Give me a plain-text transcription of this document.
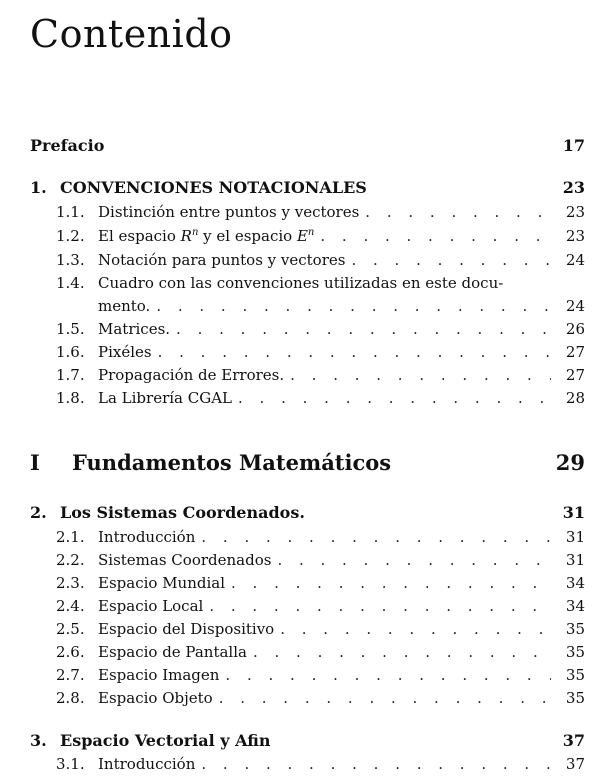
Contenido
Prefacio	17
1. CONVENCIONES NOTACIONALES	23
1.1. Distinción entre puntos y vectores . . .	23
1.2. El espacio $R^n$ y el espacio $E^n$ . . .	23
1.3. Notación para puntos y vectores . . .	24
1.4. Cuadro con las convenciones utilizadas en este docu-
mento. . . .	24
1.5. Matrices. . . .	26
1.6. Pixéles . . .	27
1.7. Propagación de Errores. . . .	27
1.8. La Librería CGAL . . .	28
I	Fundamentos Matemáticos	29
2. Los Sistemas Coordenados.	31
2.1. Introducción . . .	31
2.2. Sistemas Coordenados . . .	31
2.3. Espacio Mundial . . .	34
2.4. Espacio Local . . .	34
2.5. Espacio del Dispositivo . . .	35
2.6. Espacio de Pantalla . . .	35
2.7. Espacio Imagen . . .	35
2.8. Espacio Objeto . . .	35
3. Espacio Vectorial y Afin	37
3.1. Introducción . . .	37
